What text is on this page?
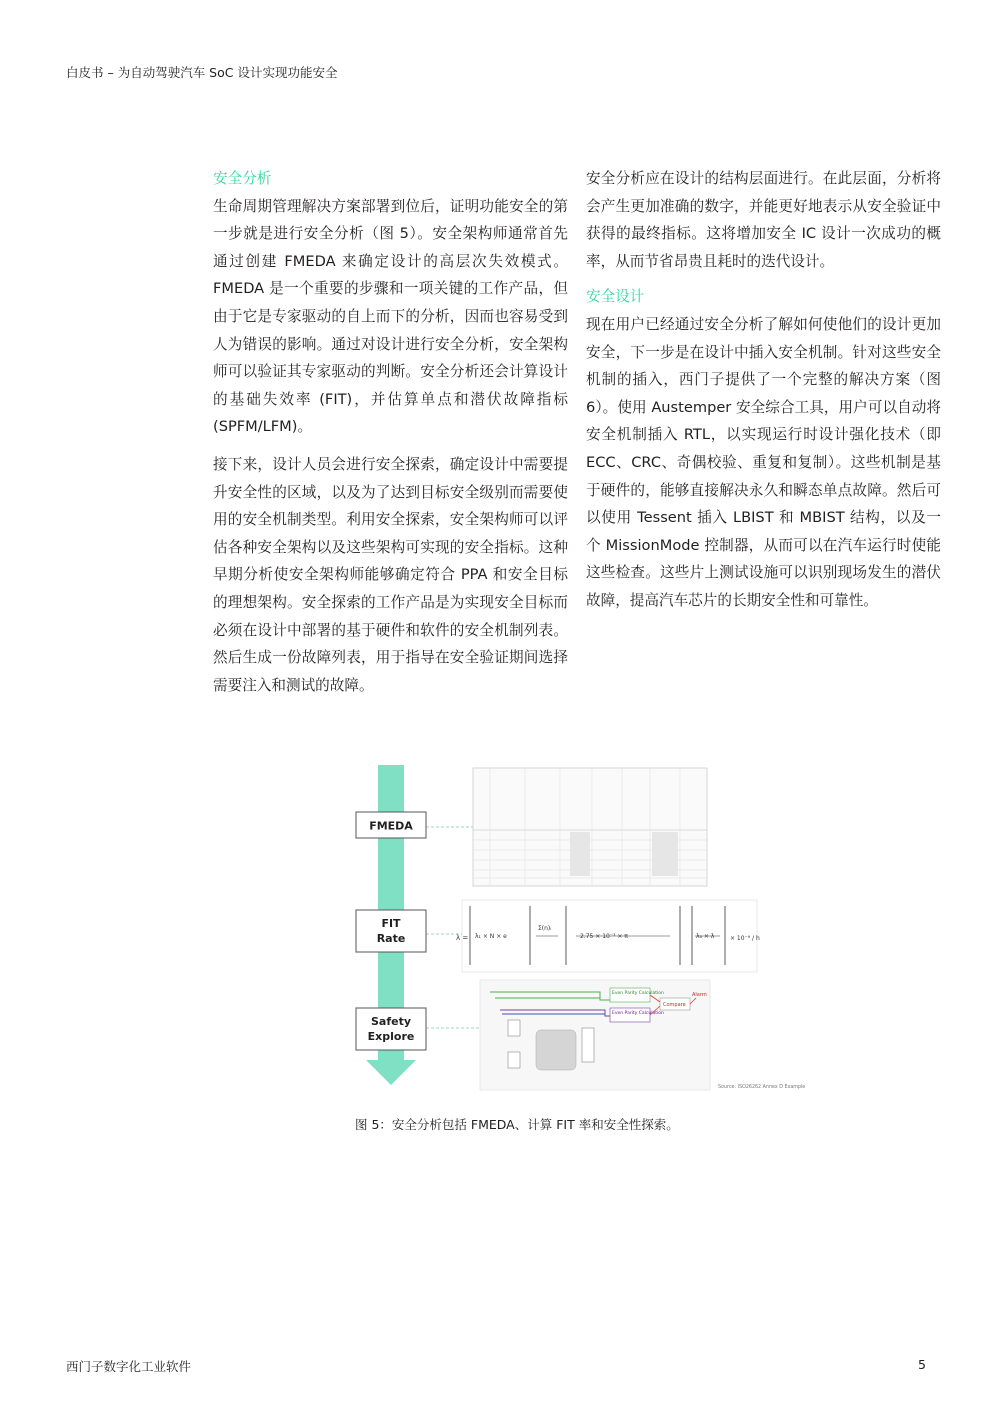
白皮书 – 为自动驾驶汽车 SoC 设计实现功能安全

安全分析

生命周期管理解决方案部署到位后，证明功能安全的第一步就是进行安全分析（图 5）。安全架构师通常首先通过创建 FMEDA 来确定设计的高层次失效模式。FMEDA 是一个重要的步骤和一项关键的工作产品，但由于它是专家驱动的自上而下的分析，因而也容易受到人为错误的影响。通过对设计进行安全分析，安全架构师可以验证其专家驱动的判断。安全分析还会计算设计的基础失效率 (FIT)，并估算单点和潜伏故障指标 (SPFM/LFM)。

接下来，设计人员会进行安全探索，确定设计中需要提升安全性的区域，以及为了达到目标安全级别而需要使用的安全机制类型。利用安全探索，安全架构师可以评估各种安全架构以及这些架构可实现的安全指标。这种早期分析使安全架构师能够确定符合 PPA 和安全目标的理想架构。安全探索的工作产品是为实现安全目标而必须在设计中部署的基于硬件和软件的安全机制列表。然后生成一份故障列表，用于指导在安全验证期间选择需要注入和测试的故障。

安全分析应在设计的结构层面进行。在此层面，分析将会产生更加准确的数字，并能更好地表示从安全验证中获得的最终指标。这将增加安全 IC 设计一次成功的概率，从而节省昂贵且耗时的迭代设计。

安全设计

现在用户已经通过安全分析了解如何使他们的设计更加安全，下一步是在设计中插入安全机制。针对这些安全机制的插入，西门子提供了一个完整的解决方案（图 6）。使用 Austemper 安全综合工具，用户可以自动将安全机制插入 RTL，以实现运行时设计强化技术（即 ECC、CRC、奇偶校验、重复和复制）。这些机制是基于硬件的，能够直接解决永久和瞬态单点故障。然后可以使用 Tessent 插入 LBIST 和 MBIST 结构，以及一个 MissionMode 控制器，从而可以在汽车运行时使能这些检查。这些片上测试设施可以识别现场发生的潜伏故障，提高汽车芯片的长期安全性和可靠性。

λ = λ₁ × N × e
Σ(n)ᵢ
2.75 × 10⁻³ × π	λ₃ × λ	× 10⁻⁹ / h
Even Parity Calculation
Even Parity Calculation
Compare
Alarm
Source: ISO26262 Annex D Example
FMEDA
FIT
Rate
Safety
Explore
图 5：安全分析包括 FMEDA、计算 FIT 率和安全性探索。
西门子数字化工业软件	5
